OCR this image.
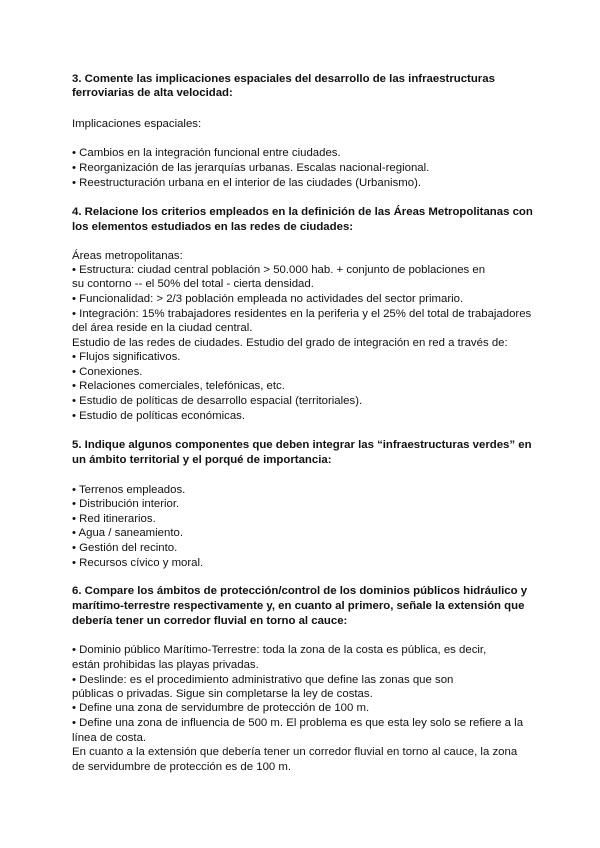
3. Comente las implicaciones espaciales del desarrollo de las infraestructuras
ferroviarias de alta velocidad:
Implicaciones espaciales:
• Cambios en la integración funcional entre ciudades.
• Reorganización de las jerarquías urbanas. Escalas nacional-regional.
• Reestructuración urbana en el interior de las ciudades (Urbanismo).
4. Relacione los criterios empleados en la definición de las Áreas Metropolitanas con
los elementos estudiados en las redes de ciudades:
Áreas metropolitanas:
• Estructura: ciudad central población > 50.000 hab. + conjunto de poblaciones en
su contorno -- el 50% del total - cierta densidad.
• Funcionalidad: > 2/3 población empleada no actividades del sector primario.
• Integración: 15% trabajadores residentes en la periferia y el 25% del total de trabajadores
del área reside en la ciudad central.
Estudio de las redes de ciudades. Estudio del grado de integración en red a través de:
• Flujos significativos.
• Conexiones.
• Relaciones comerciales, telefónicas, etc.
• Estudio de políticas de desarrollo espacial (territoriales).
• Estudio de políticas económicas.
5. Indique algunos componentes que deben integrar las “infraestructuras verdes” en
un ámbito territorial y el porqué de importancia:
• Terrenos empleados.
• Distribución interior.
• Red itinerarios.
• Agua / saneamiento.
• Gestión del recinto.
• Recursos cívico y moral.
6. Compare los ámbitos de protección/control de los dominios públicos hidráulico y
marítimo-terrestre respectivamente y, en cuanto al primero, señale la extensión que
debería tener un corredor fluvial en torno al cauce:
• Dominio público Marítimo-Terrestre: toda la zona de la costa es pública, es decir,
están prohibidas las playas privadas.
• Deslinde: es el procedimiento administrativo que define las zonas que son
públicas o privadas. Sigue sin completarse la ley de costas.
• Define una zona de servidumbre de protección de 100 m.
• Define una zona de influencia de 500 m. El problema es que esta ley solo se refiere a la
línea de costa.
En cuanto a la extensión que debería tener un corredor fluvial en torno al cauce, la zona
de servidumbre de protección es de 100 m.
